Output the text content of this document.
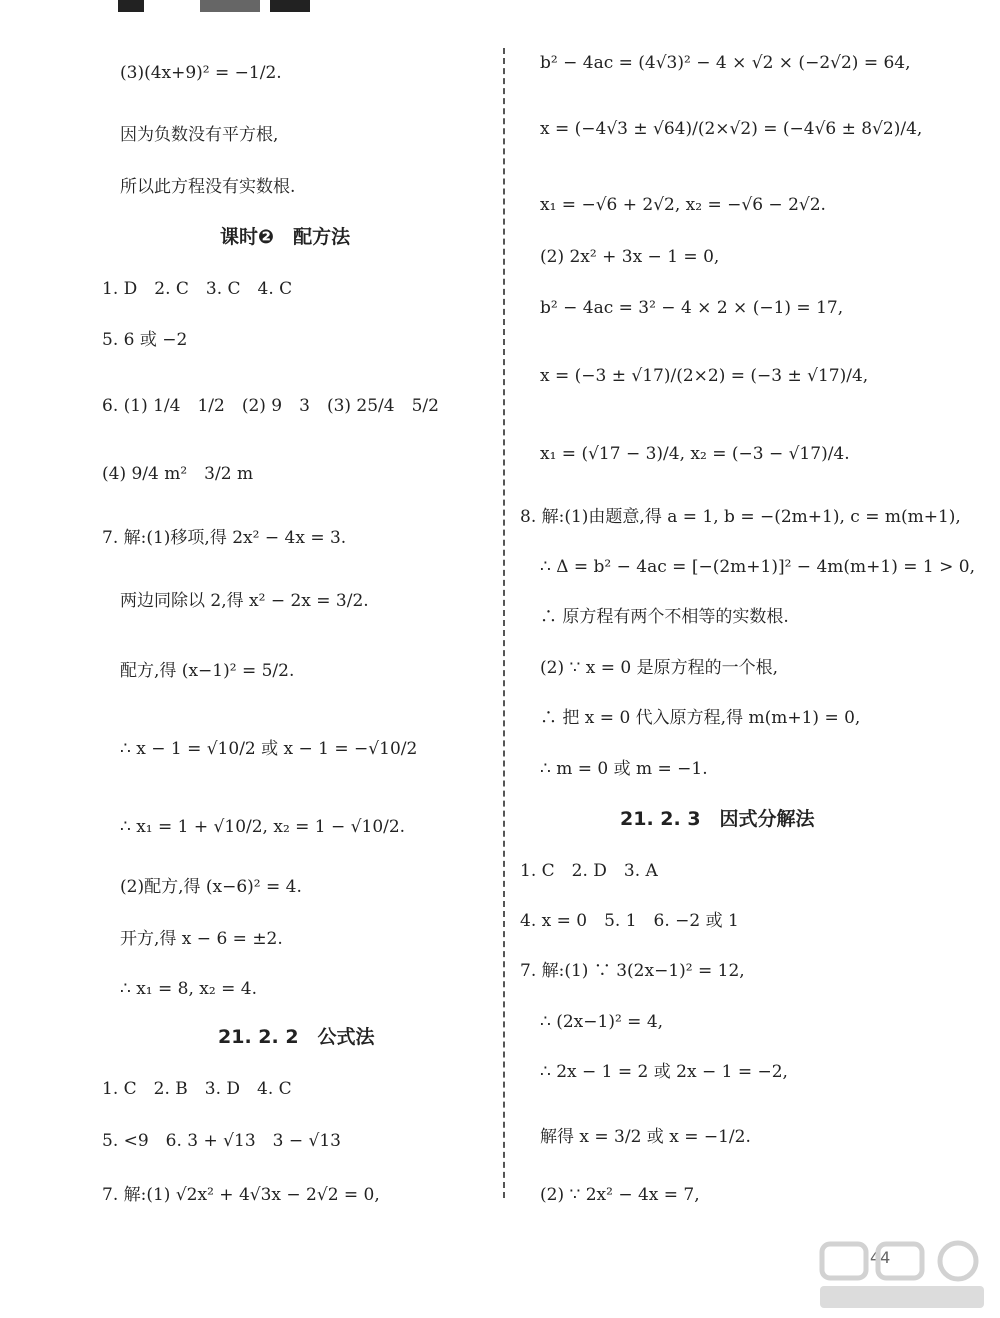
(3)(4x+9)² = −1/2.
因为负数没有平方根,
所以此方程没有实数根.
课时❷　配方法
1. D　2. C　3. C　4. C
5. 6 或 −2
6. (1) 1/4　1/2　(2) 9　3　(3) 25/4　5/2
(4) 9/4 m²　3/2 m
7. 解:(1)移项,得 2x² − 4x = 3.
两边同除以 2,得 x² − 2x = 3/2.
配方,得 (x−1)² = 5/2.
∴ x − 1 = √10/2 或 x − 1 = −√10/2
∴ x₁ = 1 + √10/2, x₂ = 1 − √10/2.
(2)配方,得 (x−6)² = 4.
开方,得 x − 6 = ±2.
∴ x₁ = 8, x₂ = 4.
21. 2. 2　公式法
1. C　2. B　3. D　4. C
5. <9　6. 3 + √13　3 − √13
7. 解:(1) √2x² + 4√3x − 2√2 = 0,
b² − 4ac = (4√3)² − 4 × √2 × (−2√2) = 64,
x = (−4√3 ± √64)/(2×√2) = (−4√6 ± 8√2)/4,
x₁ = −√6 + 2√2, x₂ = −√6 − 2√2.
(2) 2x² + 3x − 1 = 0,
b² − 4ac = 3² − 4 × 2 × (−1) = 17,
x = (−3 ± √17)/(2×2) = (−3 ± √17)/4,
x₁ = (√17 − 3)/4, x₂ = (−3 − √17)/4.
8. 解:(1)由题意,得 a = 1, b = −(2m+1), c = m(m+1),
∴ Δ = b² − 4ac = [−(2m+1)]² − 4m(m+1) = 1 > 0,
∴ 原方程有两个不相等的实数根.
(2) ∵ x = 0 是原方程的一个根,
∴ 把 x = 0 代入原方程,得 m(m+1) = 0,
∴ m = 0 或 m = −1.
21. 2. 3　因式分解法
1. C　2. D　3. A
4. x = 0　5. 1　6. −2 或 1
7. 解:(1) ∵ 3(2x−1)² = 12,
∴ (2x−1)² = 4,
∴ 2x − 1 = 2 或 2x − 1 = −2,
解得 x = 3/2 或 x = −1/2.
(2) ∵ 2x² − 4x = 7,
44
